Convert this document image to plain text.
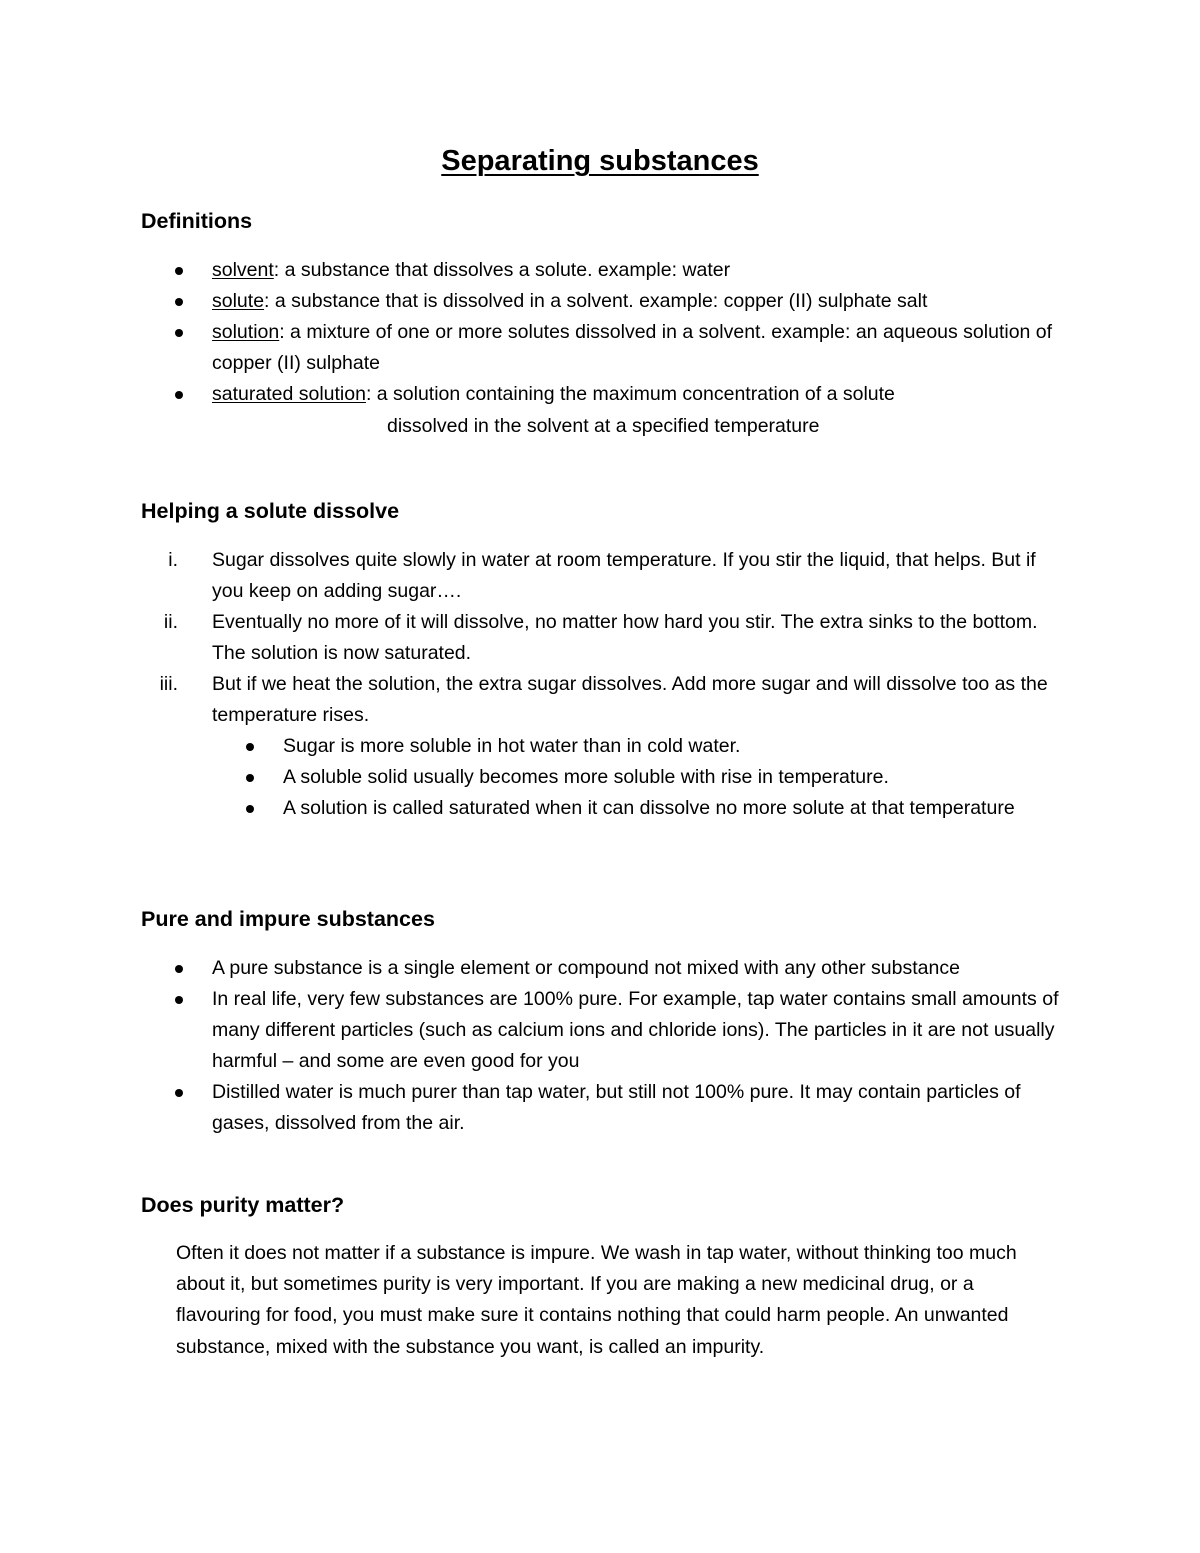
Separating substances
Definitions
solvent: a substance that dissolves a solute. example: water
solute: a substance that is dissolved in a solvent. example: copper (II) sulphate salt
solution: a mixture of one or more solutes dissolved in a solvent. example: an aqueous solution of copper (II) sulphate
saturated solution: a solution containing the maximum concentration of a solute
dissolved in the solvent at a specified temperature
Helping a solute dissolve
i. Sugar dissolves quite slowly in water at room temperature. If you stir the liquid, that helps. But if you keep on adding sugar….
ii. Eventually no more of it will dissolve, no matter how hard you stir. The extra sinks to the bottom. The solution is now saturated.
iii. But if we heat the solution, the extra sugar dissolves. Add more sugar and will dissolve too as the temperature rises.
Sugar is more soluble in hot water than in cold water.
A soluble solid usually becomes more soluble with rise in temperature.
A solution is called saturated when it can dissolve no more solute at that temperature
Pure and impure substances
A pure substance is a single element or compound not mixed with any other substance
In real life, very few substances are 100% pure. For example, tap water contains small amounts of many different particles (such as calcium ions and chloride ions). The particles in it are not usually harmful – and some are even good for you
Distilled water is much purer than tap water, but still not 100% pure. It may contain particles of gases, dissolved from the air.
Does purity matter?

Often it does not matter if a substance is impure. We wash in tap water, without thinking too much about it, but sometimes purity is very important. If you are making a new medicinal drug, or a flavouring for food, you must make sure it contains nothing that could harm people. An unwanted substance, mixed with the substance you want, is called an impurity.
